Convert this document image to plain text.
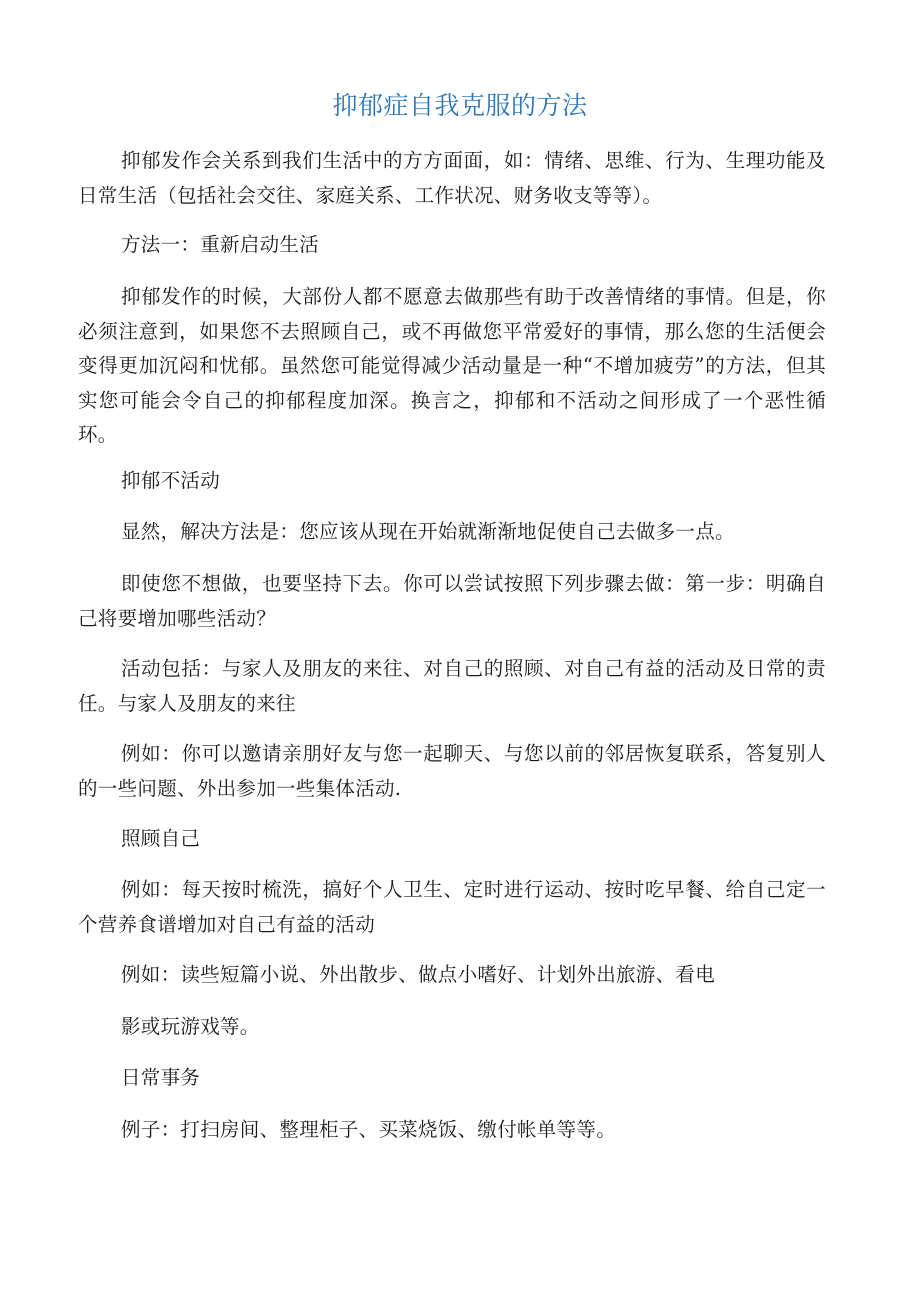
抑郁症自我克服的方法

抑郁发作会关系到我们生活中的方方面面，如：情绪、思维、行为、生理功能及日常生活（包括社会交往、家庭关系、工作状况、财务收支等等）。

方法一：重新启动生活

抑郁发作的时候，大部份人都不愿意去做那些有助于改善情绪的事情。但是，你必须注意到，如果您不去照顾自己，或不再做您平常爱好的事情，那么您的生活便会变得更加沉闷和忧郁。虽然您可能觉得减少活动量是一种“不增加疲劳”的方法，但其实您可能会令自己的抑郁程度加深。换言之，抑郁和不活动之间形成了一个恶性循环。

抑郁不活动

显然，解决方法是：您应该从现在开始就渐渐地促使自己去做多一点。

即使您不想做，也要坚持下去。你可以尝试按照下列步骤去做：第一步：明确自己将要增加哪些活动？

活动包括：与家人及朋友的来往、对自己的照顾、对自己有益的活动及日常的责任。与家人及朋友的来往

例如：你可以邀请亲朋好友与您一起聊天、与您以前的邻居恢复联系，答复别人的一些问题、外出参加一些集体活动.

照顾自己

例如：每天按时梳洗，搞好个人卫生、定时进行运动、按时吃早餐、给自己定一个营养食谱增加对自己有益的活动

例如：读些短篇小说、外出散步、做点小嗜好、计划外出旅游、看电

影或玩游戏等。

日常事务

例子：打扫房间、整理柜子、买菜烧饭、缴付帐单等等。
